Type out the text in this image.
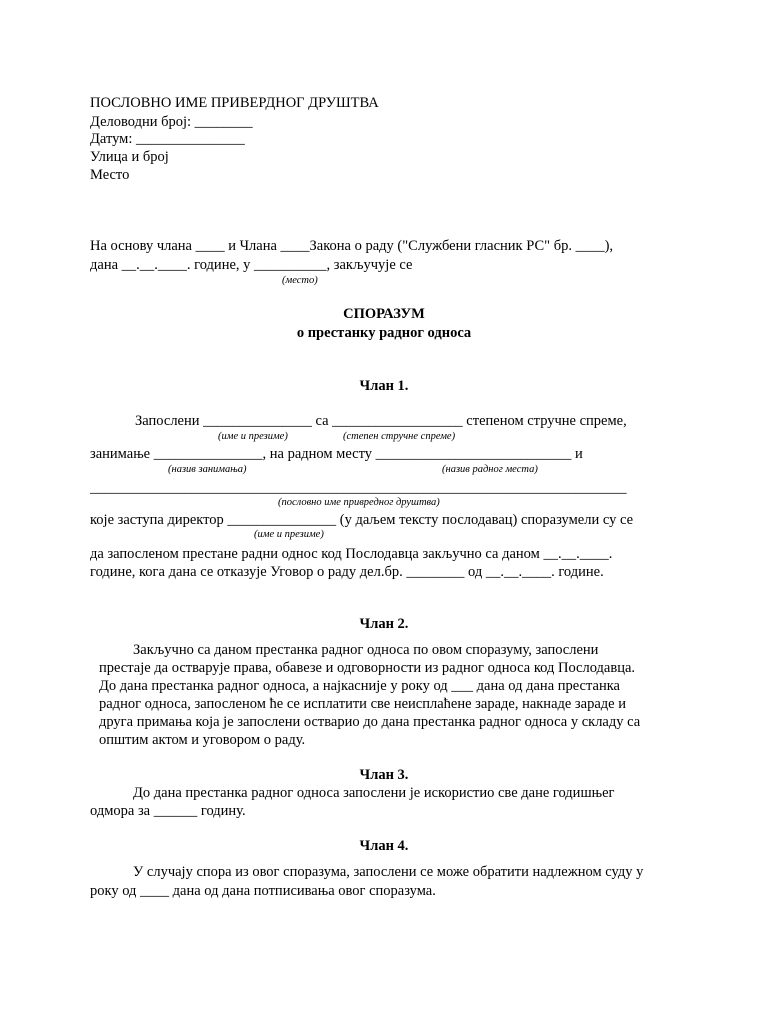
ПОСЛОВНО ИМЕ ПРИВЕРДНОГ ДРУШТВА
Деловодни број: ________
Датум: _______________
Улица и број
Место
На основу члана ____ и Члана ____Закона о раду ("Службени гласник РС" бр. ____),
дана __.__.____. године, у __________, закључује се
(место)
СПОРАЗУМ
о престанку радног односа
Члан 1.
Запослени _______________ са __________________ степеном стручне спреме,
(име и презиме)	(степен стручне спреме)
занимање _______________, на радном месту ___________________________ и
(назив занимања)	(назив радног места)
__________________________________________________________________________
(пословно име привредног друштва)
које заступа директор _______________ (у даљем тексту послодавац) споразумели су се
(име и презиме)
да запосленом престане радни однос код Послодавца закључно са даном __.__.____.
године, кога дана се отказује Уговор о раду дел.бр. ________ од __.__.____. године.
Члан 2.
Закључно са даном престанка радног односа по овом споразуму, запослени
престаје да остварује права, обавезе и одговорности из радног односа код Послодавца.
До дана престанка радног односа, а најкасније у року од ___ дана од дана престанка
радног односа, запосленом ће се исплатити све неисплаћене зараде, накнаде зараде и
друга примања која је запослени остварио до дана престанка радног односа у складу са
општим актом и уговором о раду.
Члан 3.
До дана престанка радног односа запослени је искористио све дане годишњег
одмора за ______ годину.
Члан 4.
У случају спора из овог споразума, запослени се може обратити надлежном суду у
року од ____ дана од дана потписивања овог споразума.
